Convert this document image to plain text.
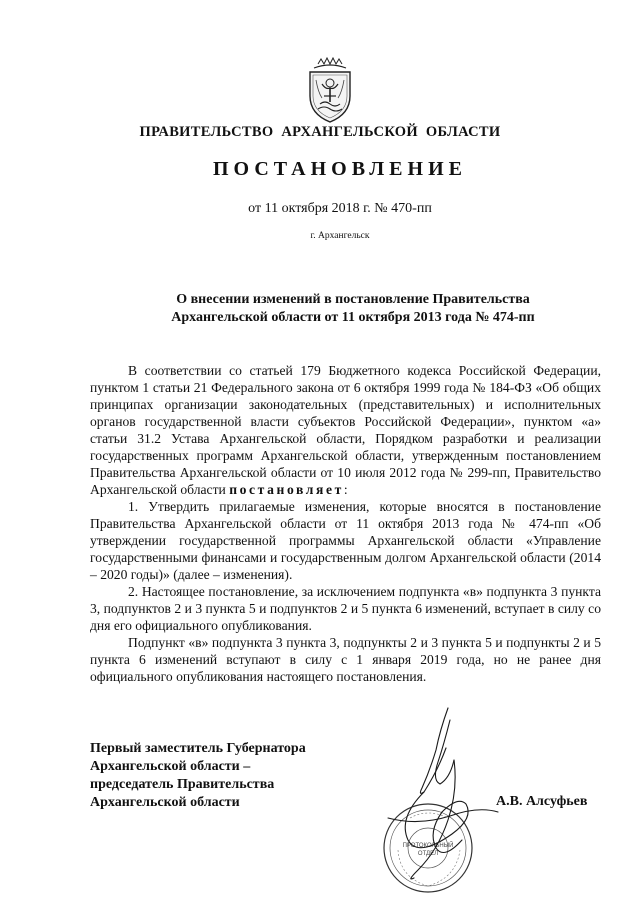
ПРАВИТЕЛЬСТВО АРХАНГЕЛЬСКОЙ ОБЛАСТИ
ПОСТАНОВЛЕНИЕ
от 11 октября 2018 г. № 470-пп
г. Архангельск
О внесении изменений в постановление Правительства
Архангельской области от 11 октября 2013 года № 474-пп

В соответствии со статьей 179 Бюджетного кодекса Российской Федерации, пунктом 1 статьи 21 Федерального закона от 6 октября 1999 года № 184-ФЗ «Об общих принципах организации законодательных (представительных) и исполнительных органов государственной власти субъектов Российской Федерации», пунктом «а» статьи 31.2 Устава Архангельской области, Порядком разработки и реализации государственных программ Архангельской области, утвержденным постановлением Правительства Архангельской области от 10 июля 2012 года № 299-пп, Правительство Архангельской области постановляет:

1. Утвердить прилагаемые изменения, которые вносятся в постановление Правительства Архангельской области от 11 октября 2013 года № 474-пп «Об утверждении государственной программы Архангельской области «Управление государственными финансами и государственным долгом Архангельской области (2014 – 2020 годы)» (далее – изменения).

2. Настоящее постановление, за исключением подпункта «в» подпункта 3 пункта 3, подпунктов 2 и 3 пункта 5 и подпунктов 2 и 5 пункта 6 изменений, вступает в силу со дня его официального опубликования.

Подпункт «в» подпункта 3 пункта 3, подпункты 2 и 3 пункта 5 и подпункты 2 и 5 пункта 6 изменений вступают в силу с 1 января 2019 года, но не ранее дня официального опубликования настоящего постановления.

Первый заместитель Губернатора
Архангельской области –
председатель Правительства
Архангельской области
ПРОТОКОЛЬНЫЙ
ОТДЕЛ
А.В. Алсуфьев
